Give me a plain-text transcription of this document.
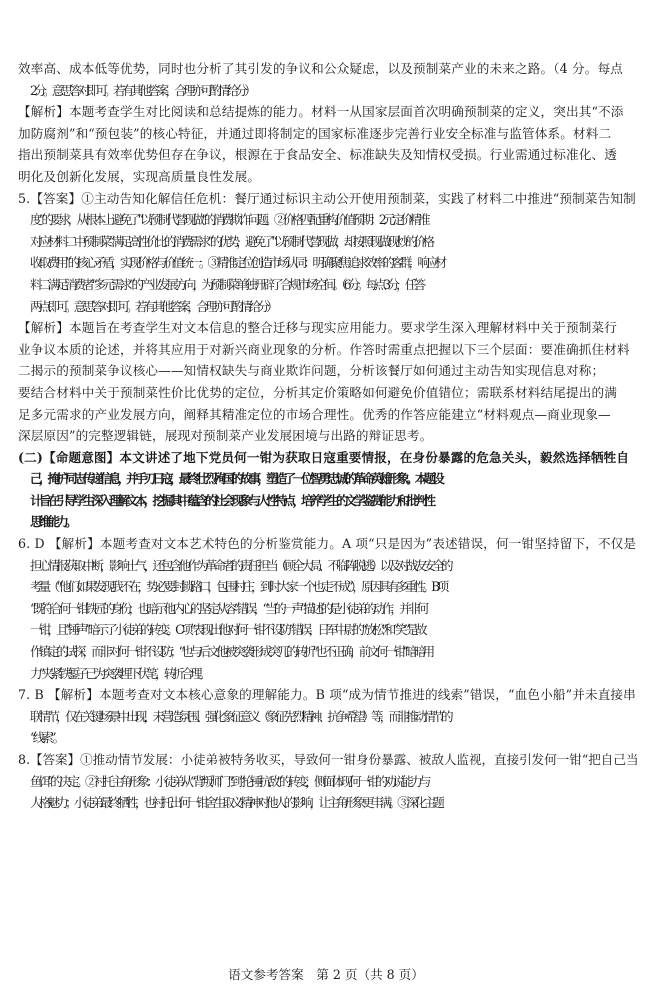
效率高、成本低等优势，同时也分析了其引发的争议和公众疑虑，以及预制菜产业的未来之路。（4 分。每点
2 分。意思答对即可。若有其他答案，合理亦可酌情给分）
【解析】本题考查学生对比阅读和总结提炼的能力。材料一从国家层面首次明确预制菜的定义，突出其“不添
加防腐剂”和“预包装”的核心特征，并通过即将制定的国家标准逐步完善行业安全标准与监管体系。材料二
指出预制菜具有效率优势但存在争议，根源在于食品安全、标准缺失及知情权受损。行业需通过标准化、透
明化及创新化发展，实现高质量良性发展。
5.【答案】①主动告知化解信任危机：餐厅通过标识主动公开使用预制菜，实践了材料二中推进“预制菜告知制
度”的要求，从根本上避免了“以预制代替现做”的消费欺诈问题。②价格匹配重构价值预期：2 元定价精准
对应材料二中预制菜“满足高性价比的消费需求”的优势，避免了“以预制代替现做，却按照现做现炒的价格
收取费用”的核心矛盾，实现价格与价值统一。③精准定位创造市场认同：明确聚焦追求效率的客群，响应材
料二满足消费者“多元需求”的产业发展方向，为预制菜单独开辟了合规市场空间。（6 分。每点 3 分，任答
两点即可。意思答对即可。若有其他答案，合理亦可酌情给分）
【解析】本题旨在考查学生对文本信息的整合迁移与现实应用能力。要求学生深入理解材料中关于预制菜行
业争议本质的论述，并将其应用于对新兴商业现象的分析。作答时需重点把握以下三个层面：要准确抓住材料
二揭示的预制菜争议核心——知情权缺失与商业欺诈问题，分析该餐厅如何通过主动告知实现信息对称；
要结合材料中关于预制菜性价比优势的定位，分析其定价策略如何避免价值错位；需联系材料结尾提出的满
足多元需求的产业发展方向，阐释其精准定位的市场合理性。优秀的作答应能建立“材料观点—商业现象—
深层原因”的完整逻辑链，展现对预制菜产业发展困境与出路的辩证思考。
(二)【命题意图】本文讲述了地下党员何一钳为获取日寇重要情报，在身份暴露的危急关头，毅然选择牺牲自
己，掩护同志传递信息，并手刃日寇，最终壮烈殉国的故事，塑造了一位智勇忠诚的革命英雄形象。本题设
计旨在引导学生深入理解文本，挖掘其中蕴含的社会现象与人性特点，培养学生的文学鉴赏能力和批判性
思维能力。
6. D 【解析】本题考查对文本艺术特色的分析鉴赏能力。A 项“只是因为”表述错误，何一钳坚持留下，不仅是
担心情报获取中断，影响士气，还包含他作为革命者的责任担当（顾全大局、不临阵脱逃）以及对战友安全的
考量（“他们如果发现我不在，势必要封锁路口，包围村庄，到时大家一个也走不成”），原因具有多重性。B 项
“既符合何一钳铁匠的身份，也暗示他内心的坚定从容”错误，“‘当’的一声”描述的是小徒弟的动作，并非何
一钳，且“锤声”暗示了小徒弟的转变。C 项“表现出他对何一钳不设防”错误，日军中尉的“放松”和“笑”是故
作镇定的试探，而非对何一钳不设防；“也与后文他被突袭形成突兀的转折”也不正确，前文何一钳“暗暗用
力”夹紧铁錾子已为突袭埋下伏笔，转折合理。
7. B 【解析】本题考查对文本核心意象的理解能力。B 项“成为情节推进的线索”错误，“血色小船”并未直接串
联情节，仅在关键场景中出现，未营造氛围、强化象征意义（象征先烈精神、抗争希望）等，而非推动情节的
“线索”。
8.【答案】①推动情节发展：小徒弟被特务收买，导致何一钳身份暴露、被敌人监视，直接引发何一钳“把自己当
鱼饵”的决定。②衬托主角形象：小徒弟从“背叛师门”到“抡锤抗敌”的转变，侧面体现何一钳的劝说能力与
人格魅力；小徒弟最终牺牲，也衬托出何一钳舍生取义精神对他人的影响，让主角形象更丰满。③深化主题
语文参考答案　第 2 页（共 8 页）
